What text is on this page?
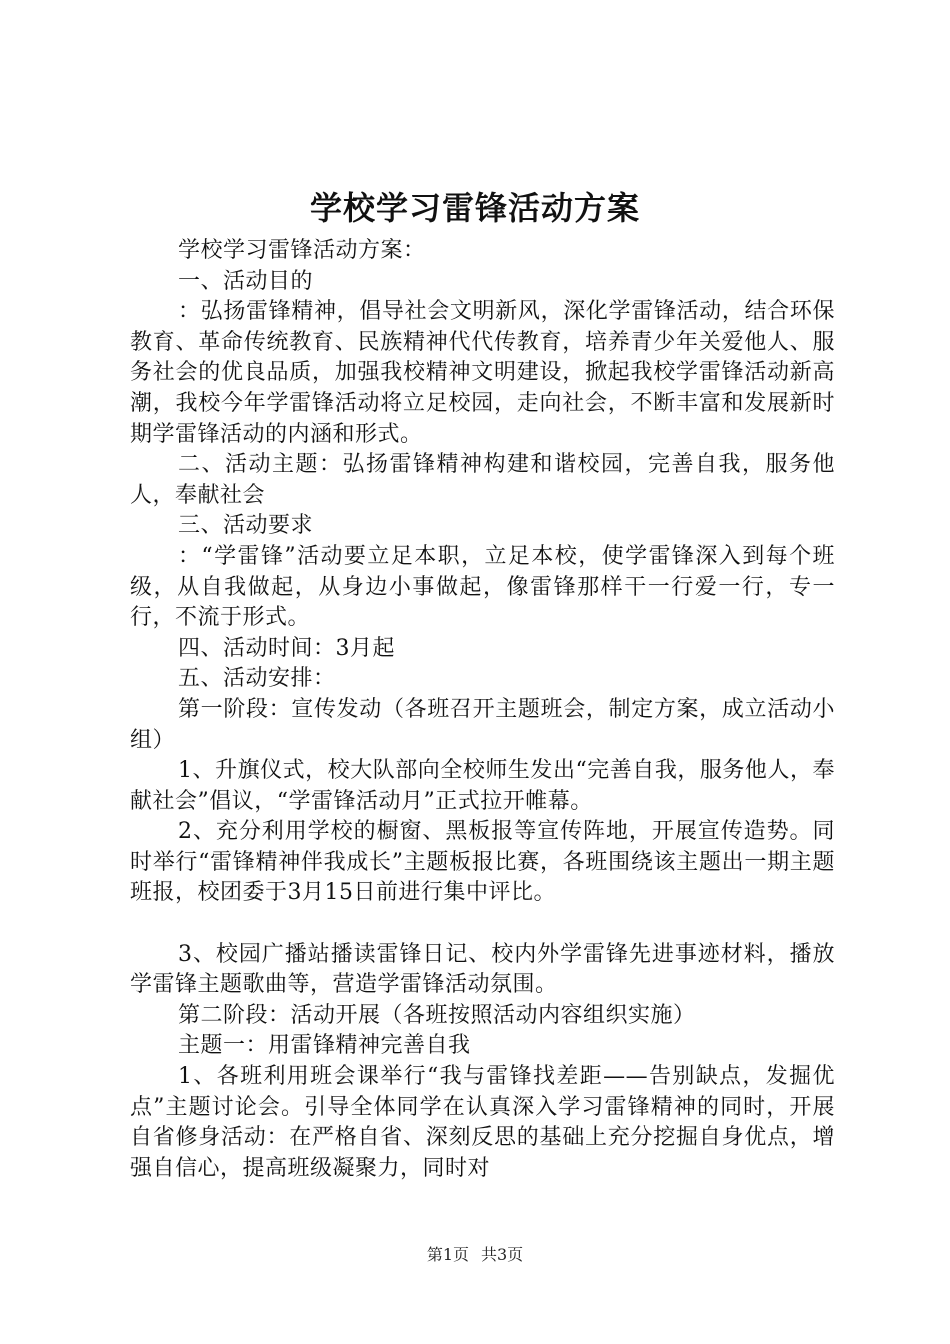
学校学习雷锋活动方案

学校学习雷锋活动方案：

一、活动目的

：弘扬雷锋精神，倡导社会文明新风，深化学雷锋活动，结合环保教育、革命传统教育、民族精神代代传教育，培养青少年关爱他人、服务社会的优良品质，加强我校精神文明建设，掀起我校学雷锋活动新高潮，我校今年学雷锋活动将立足校园，走向社会，不断丰富和发展新时期学雷锋活动的内涵和形式。

二、活动主题：弘扬雷锋精神构建和谐校园，完善自我，服务他人，奉献社会

三、活动要求

：“学雷锋”活动要立足本职，立足本校，使学雷锋深入到每个班级，从自我做起，从身边小事做起，像雷锋那样干一行爱一行，专一行，不流于形式。

四、活动时间：3月起

五、活动安排：

第一阶段：宣传发动（各班召开主题班会，制定方案，成立活动小组）

1、升旗仪式，校大队部向全校师生发出“完善自我，服务他人，奉献社会”倡议，“学雷锋活动月”正式拉开帷幕。

2、充分利用学校的橱窗、黑板报等宣传阵地，开展宣传造势。同时举行“雷锋精神伴我成长”主题板报比赛，各班围绕该主题出一期主题班报，校团委于3月15日前进行集中评比。

3、校园广播站播读雷锋日记、校内外学雷锋先进事迹材料，播放学雷锋主题歌曲等，营造学雷锋活动氛围。

第二阶段：活动开展（各班按照活动内容组织实施）

主题一：用雷锋精神完善自我

1、各班利用班会课举行“我与雷锋找差距——告别缺点，发掘优点”主题讨论会。引导全体同学在认真深入学习雷锋精神的同时，开展自省修身活动：在严格自省、深刻反思的基础上充分挖掘自身优点，增强自信心，提高班级凝聚力，同时对

第1页 共3页
